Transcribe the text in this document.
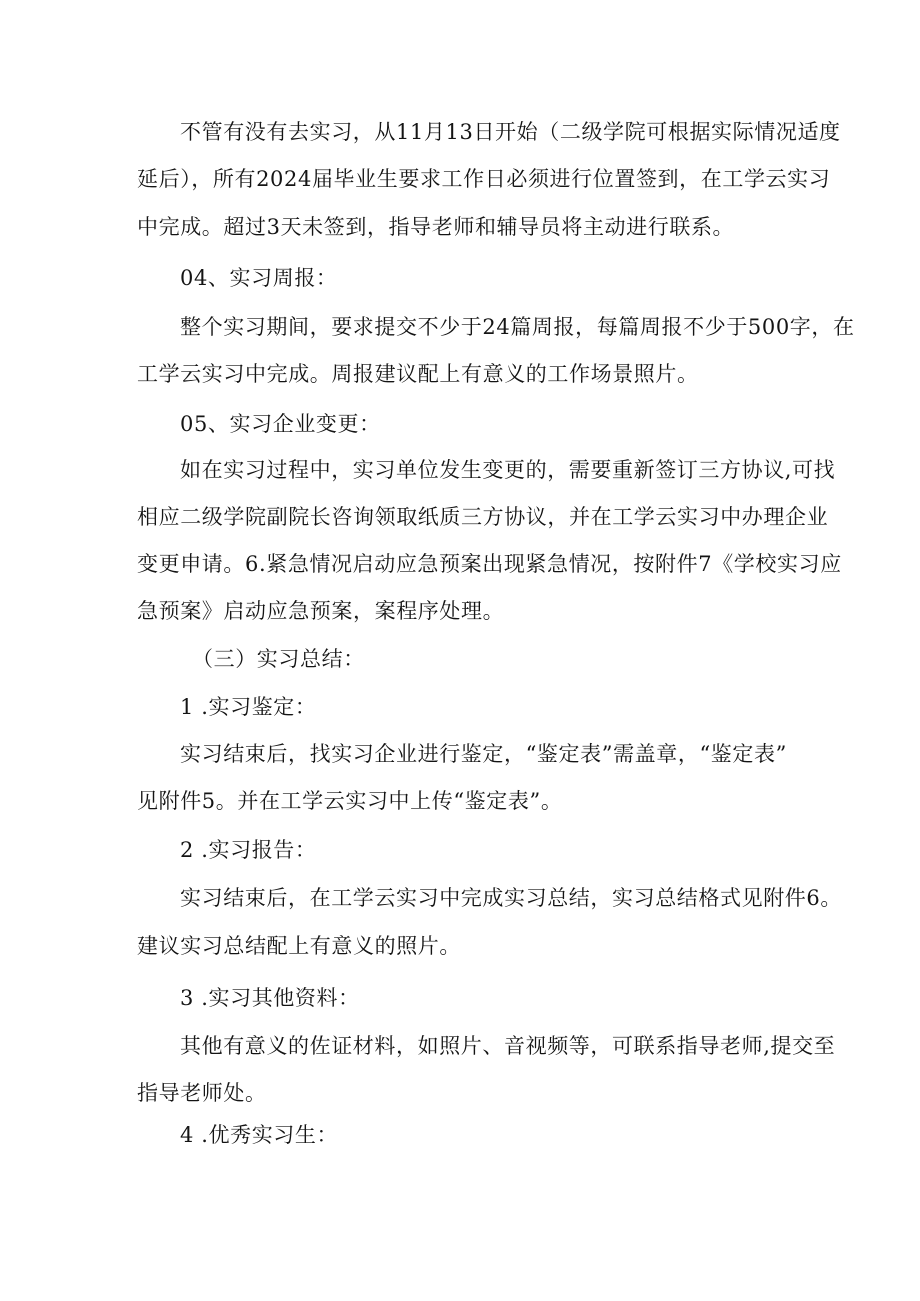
不管有没有去实习，从11月13日开始（二级学院可根据实际情况适度
延后），所有2024届毕业生要求工作日必须进行位置签到，在工学云实习
中完成。超过3天未签到，指导老师和辅导员将主动进行联系。
04、实习周报：
整个实习期间，要求提交不少于24篇周报，每篇周报不少于500字，在
工学云实习中完成。周报建议配上有意义的工作场景照片。
05、实习企业变更：
如在实习过程中，实习单位发生变更的，需要重新签订三方协议,可找
相应二级学院副院长咨询领取纸质三方协议，并在工学云实习中办理企业
变更申请。6.紧急情况启动应急预案出现紧急情况，按附件7《学校实习应
急预案》启动应急预案，案程序处理。
（三）实习总结：
1 .实习鉴定：
实习结束后，找实习企业进行鉴定，“鉴定表”需盖章，“鉴定表”
见附件5。并在工学云实习中上传“鉴定表”。
2 .实习报告：
实习结束后，在工学云实习中完成实习总结，实习总结格式见附件6。
建议实习总结配上有意义的照片。
3 .实习其他资料：
其他有意义的佐证材料，如照片、音视频等，可联系指导老师,提交至
指导老师处。
4 .优秀实习生：
